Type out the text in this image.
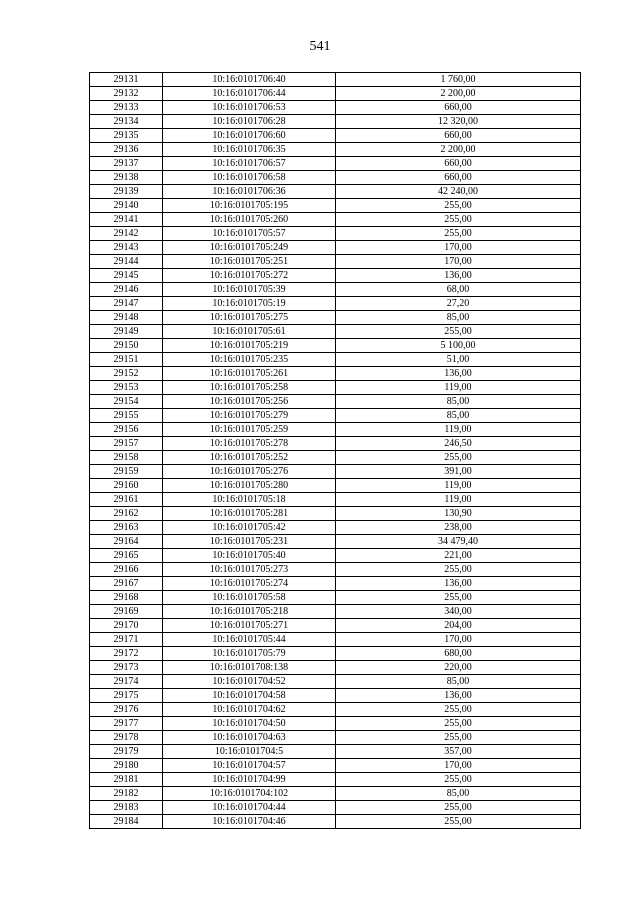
541
29131	10:16:0101706:40	1 760,00
29132	10:16:0101706:44	2 200,00
29133	10:16:0101706:53	660,00
29134	10:16:0101706:28	12 320,00
29135	10:16:0101706:60	660,00
29136	10:16:0101706:35	2 200,00
29137	10:16:0101706:57	660,00
29138	10:16:0101706:58	660,00
29139	10:16:0101706:36	42 240,00
29140	10:16:0101705:195	255,00
29141	10:16:0101705:260	255,00
29142	10:16:0101705:57	255,00
29143	10:16:0101705:249	170,00
29144	10:16:0101705:251	170,00
29145	10:16:0101705:272	136,00
29146	10:16:0101705:39	68,00
29147	10:16:0101705:19	27,20
29148	10:16:0101705:275	85,00
29149	10:16:0101705:61	255,00
29150	10:16:0101705:219	5 100,00
29151	10:16:0101705:235	51,00
29152	10:16:0101705:261	136,00
29153	10:16:0101705:258	119,00
29154	10:16:0101705:256	85,00
29155	10:16:0101705:279	85,00
29156	10:16:0101705:259	119,00
29157	10:16:0101705:278	246,50
29158	10:16:0101705:252	255,00
29159	10:16:0101705:276	391,00
29160	10:16:0101705:280	119,00
29161	10:16:0101705:18	119,00
29162	10:16:0101705:281	130,90
29163	10:16:0101705:42	238,00
29164	10:16:0101705:231	34 479,40
29165	10:16:0101705:40	221,00
29166	10:16:0101705:273	255,00
29167	10:16:0101705:274	136,00
29168	10:16:0101705:58	255,00
29169	10:16:0101705:218	340,00
29170	10:16:0101705:271	204,00
29171	10:16:0101705:44	170,00
29172	10:16:0101705:79	680,00
29173	10:16:0101708:138	220,00
29174	10:16:0101704:52	85,00
29175	10:16:0101704:58	136,00
29176	10:16:0101704:62	255,00
29177	10:16:0101704:50	255,00
29178	10:16:0101704:63	255,00
29179	10:16:0101704:5	357,00
29180	10:16:0101704:57	170,00
29181	10:16:0101704:99	255,00
29182	10:16:0101704:102	85,00
29183	10:16:0101704:44	255,00
29184	10:16:0101704:46	255,00
